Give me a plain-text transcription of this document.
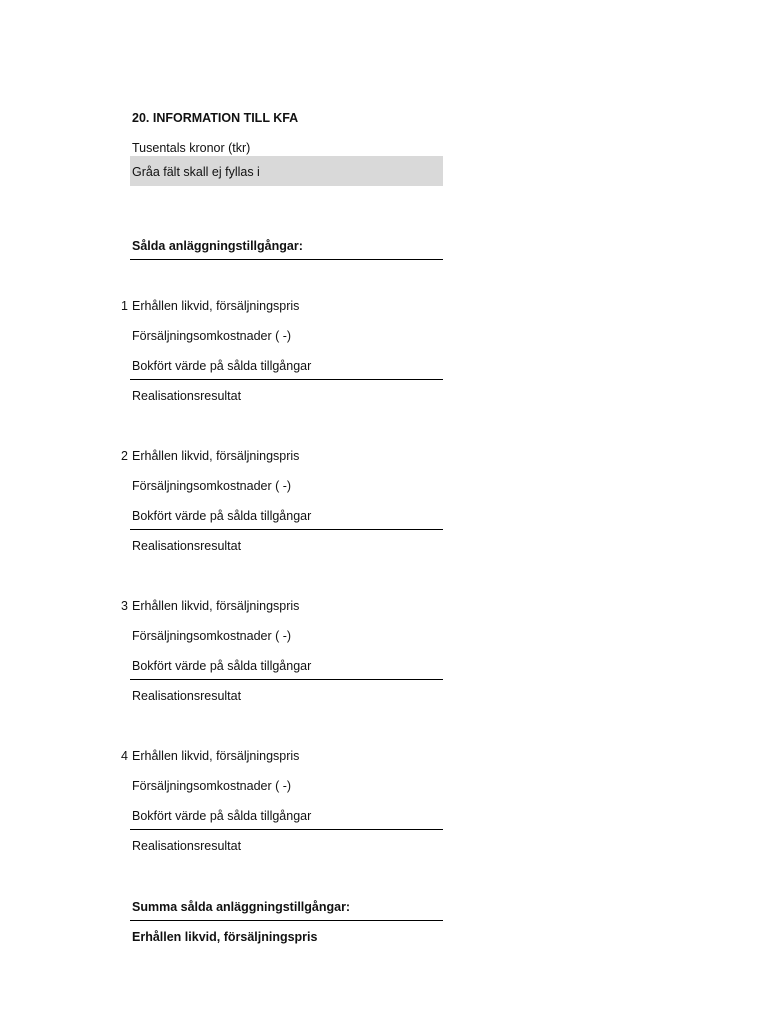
20. INFORMATION TILL KFA
Tusentals kronor (tkr)
Gråa fält skall ej fyllas i
Sålda anläggningstillgångar:
1 Erhållen likvid, försäljningspris
Försäljningsomkostnader ( -)
Bokfört värde på sålda tillgångar
Realisationsresultat
2 Erhållen likvid, försäljningspris
Försäljningsomkostnader ( -)
Bokfört värde på sålda tillgångar
Realisationsresultat
3 Erhållen likvid, försäljningspris
Försäljningsomkostnader ( -)
Bokfört värde på sålda tillgångar
Realisationsresultat
4 Erhållen likvid, försäljningspris
Försäljningsomkostnader ( -)
Bokfört värde på sålda tillgångar
Realisationsresultat
Summa sålda anläggningstillgångar:
Erhållen likvid, försäljningspris
